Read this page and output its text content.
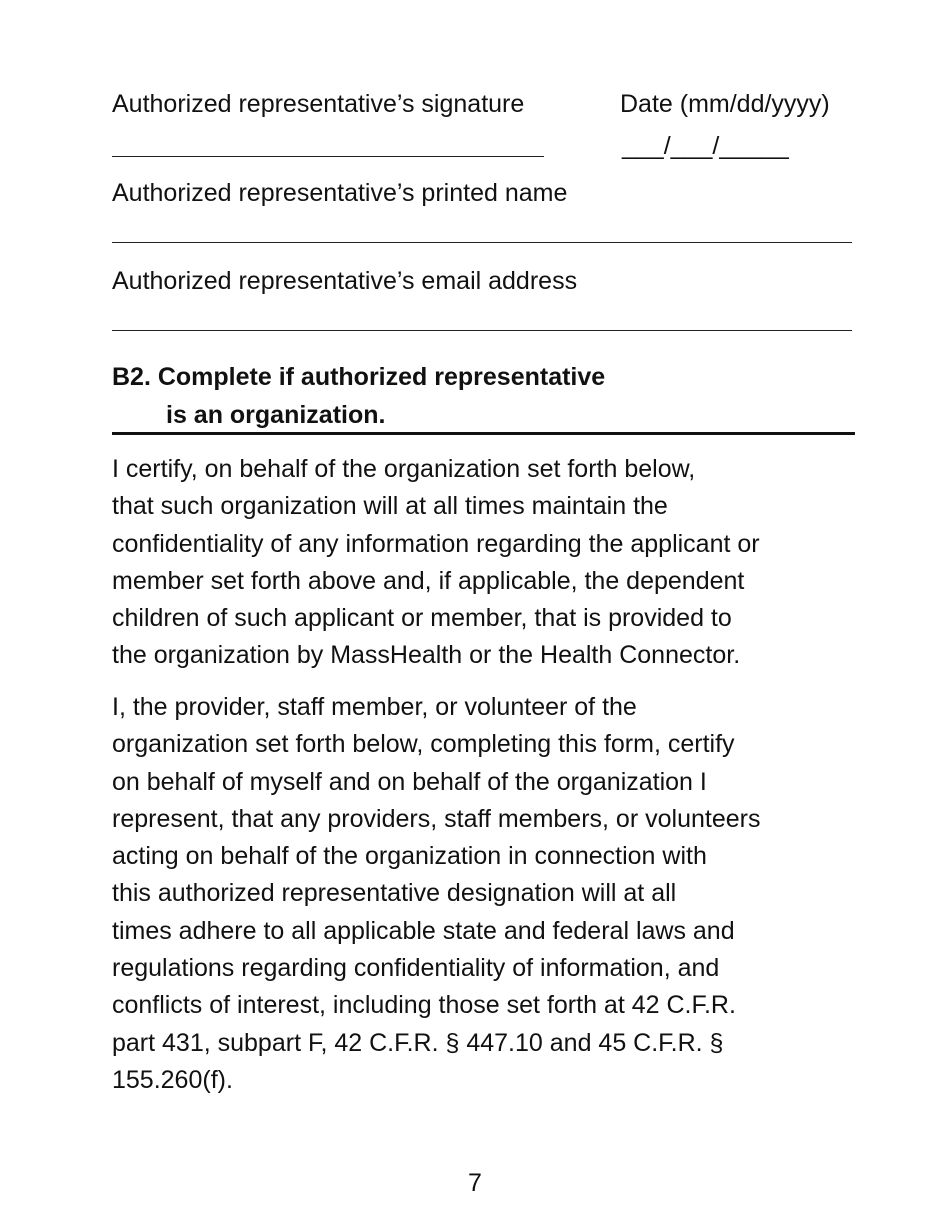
Authorized representative’s signature	Date (mm/dd/yyyy)
___/___/_____
Authorized representative’s printed name
Authorized representative’s email address
B2. Complete if authorized representative
is an organization.

I certify, on behalf of the organization set forth below,
that such organization will at all times maintain the
confidentiality of any information regarding the applicant or
member set forth above and, if applicable, the dependent
children of such applicant or member, that is provided to
the organization by MassHealth or the Health Connector.

I, the provider, staff member, or volunteer of the
organization set forth below, completing this form, certify
on behalf of myself and on behalf of the organization I
represent, that any providers, staff members, or volunteers
acting on behalf of the organization in connection with
this authorized representative designation will at all
times adhere to all applicable state and federal laws and
regulations regarding confidentiality of information, and
conflicts of interest, including those set forth at 42 C.F.R.
part 431, subpart F, 42 C.F.R. § 447.10 and 45 C.F.R. §
155.260(f).

7
